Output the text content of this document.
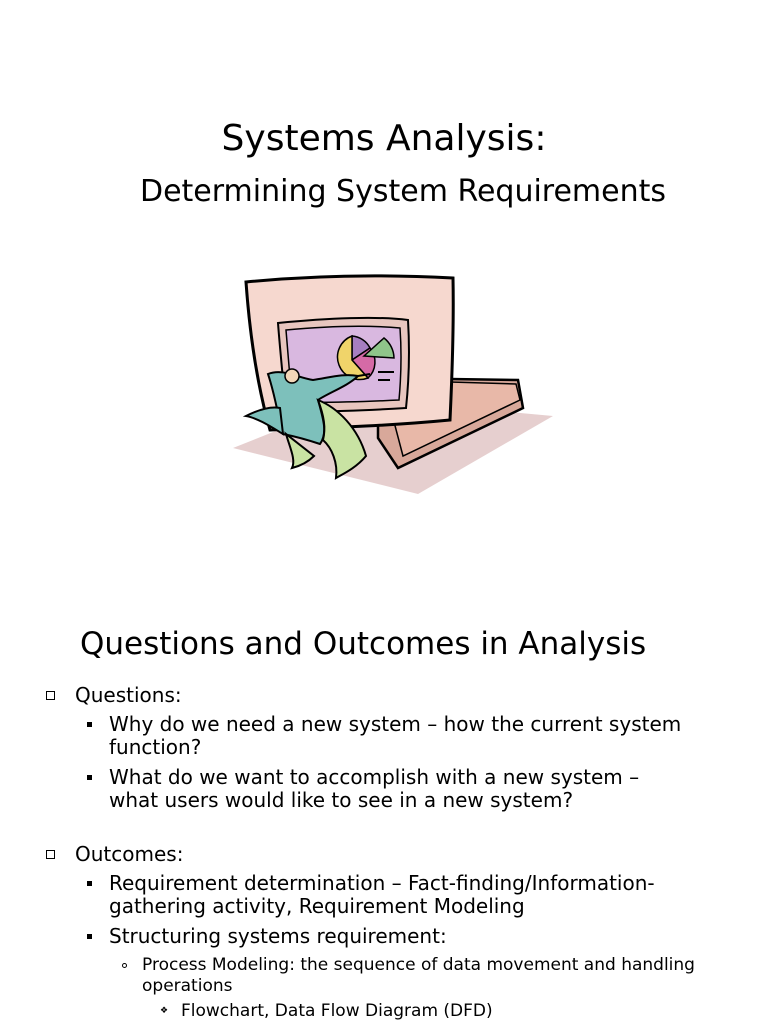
Systems Analysis:
Determining System Requirements
Questions and Outcomes in Analysis
Questions:
Why do we need a new system – how the current system function?
What do we want to accomplish with a new system – what users would like to see in a new system?
Outcomes:
Requirement determination – Fact-finding/Information-gathering activity, Requirement Modeling
Structuring systems requirement:
Process Modeling: the sequence of data movement and handling operations
❖ Flowchart, Data Flow Diagram (DFD)
